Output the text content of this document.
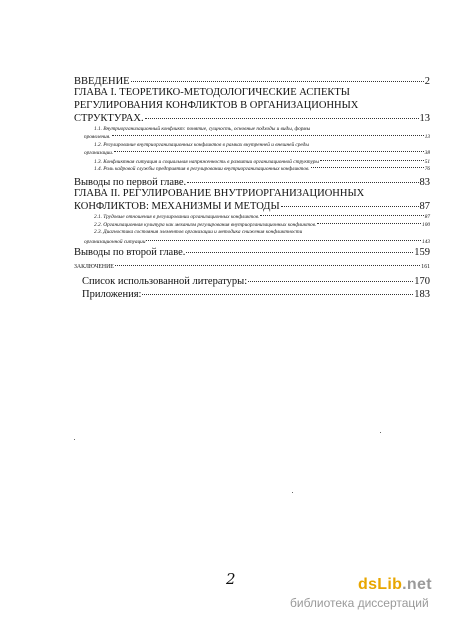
ВВЕДЕНИЕ	2
ГЛАВА I. ТЕОРЕТИКО-МЕТОДОЛОГИЧЕСКИЕ АСПЕКТЫ
РЕГУЛИРОВАНИЯ КОНФЛИКТОВ В ОРГАНИЗАЦИОННЫХ
СТРУКТУРАХ.	13
1.1. Внутриорганизационный конфликт: понятие, сущность, основные подходы и виды, формы
проявления.	13
1.2. Регулирование внутриорганизационных конфликтов в рамках внутренней и внешней среды
организации.	38
1.3. Конфликтная ситуация и социальная напряженность в развитии организационной структуры	51
1.4. Роль кадровой службы предприятия в регулировании внутриорганизационных конфликтов.	76
Выводы по первой главе.	83
ГЛАВА II. РЕГУЛИРОВАНИЕ ВНУТРИОРГАНИЗАЦИОННЫХ
КОНФЛИКТОВ: МЕХАНИЗМЫ И МЕТОДЫ	87
2.1. Трудовые отношения в регулировании организационных конфликтов.	87
2.2. Организационная культура как механизм регулирования внутриорганизационных конфликтов.	100
2.3. Диагностика состояния элементов организации и методика снижения конфликтности
организационной ситуации	143
Выводы по второй главе.	159
ЗАКЛЮЧЕНИЕ	161
Список использованной литературы:	170
Приложения:	183
2	dsLib.net
библиотека диссертаций
